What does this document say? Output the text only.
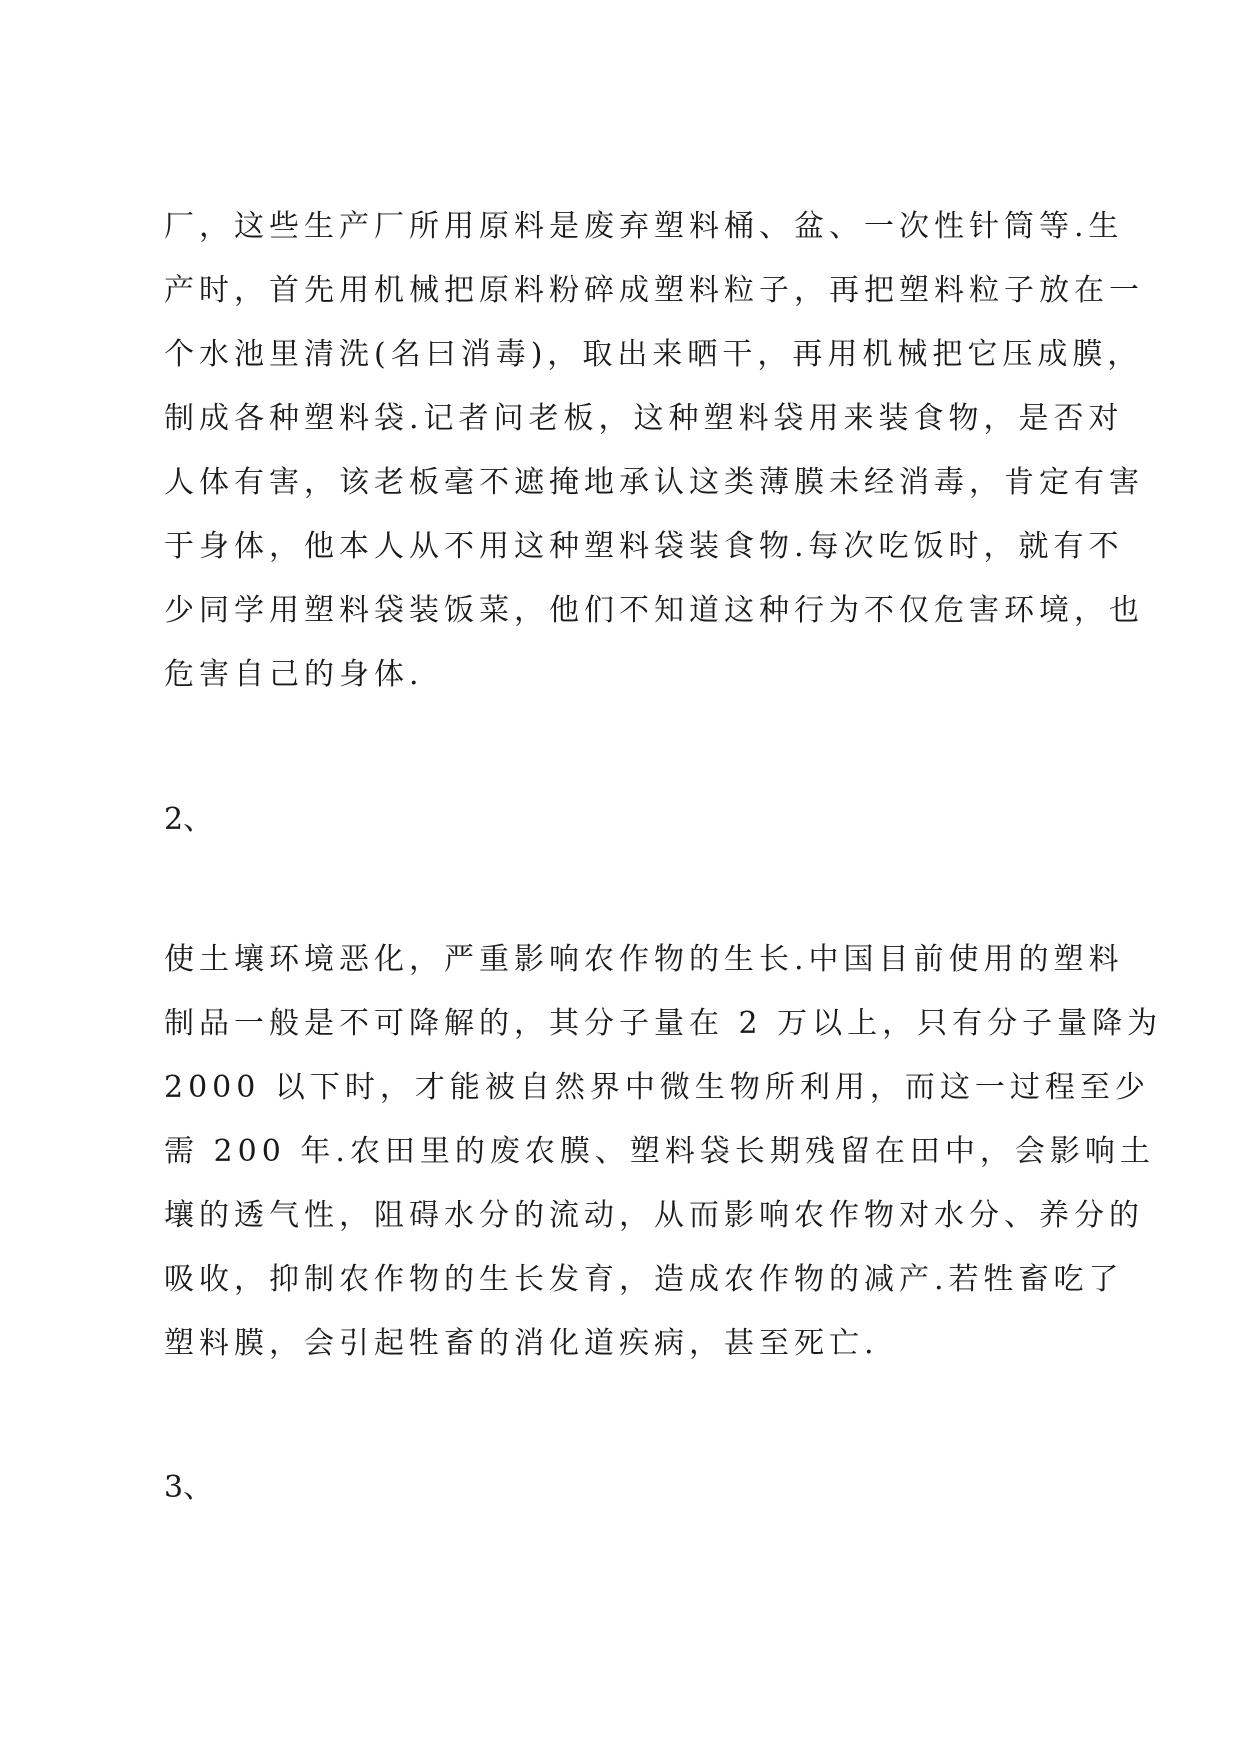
厂，这些生产厂所用原料是废弃塑料桶、盆、一次性针筒等.生
产时，首先用机械把原料粉碎成塑料粒子，再把塑料粒子放在一
个水池里清洗(名曰消毒)，取出来晒干，再用机械把它压成膜，
制成各种塑料袋.记者问老板，这种塑料袋用来装食物，是否对
人体有害，该老板毫不遮掩地承认这类薄膜未经消毒，肯定有害
于身体，他本人从不用这种塑料袋装食物.每次吃饭时，就有不
少同学用塑料袋装饭菜，他们不知道这种行为不仅危害环境，也
危害自己的身体.
2、
使土壤环境恶化，严重影响农作物的生长.中国目前使用的塑料
制品一般是不可降解的，其分子量在 2 万以上，只有分子量降为
2000 以下时，才能被自然界中微生物所利用，而这一过程至少
需 200 年.农田里的废农膜、塑料袋长期残留在田中，会影响土
壤的透气性，阻碍水分的流动，从而影响农作物对水分、养分的
吸收，抑制农作物的生长发育，造成农作物的减产.若牲畜吃了
塑料膜，会引起牲畜的消化道疾病，甚至死亡.
3、
